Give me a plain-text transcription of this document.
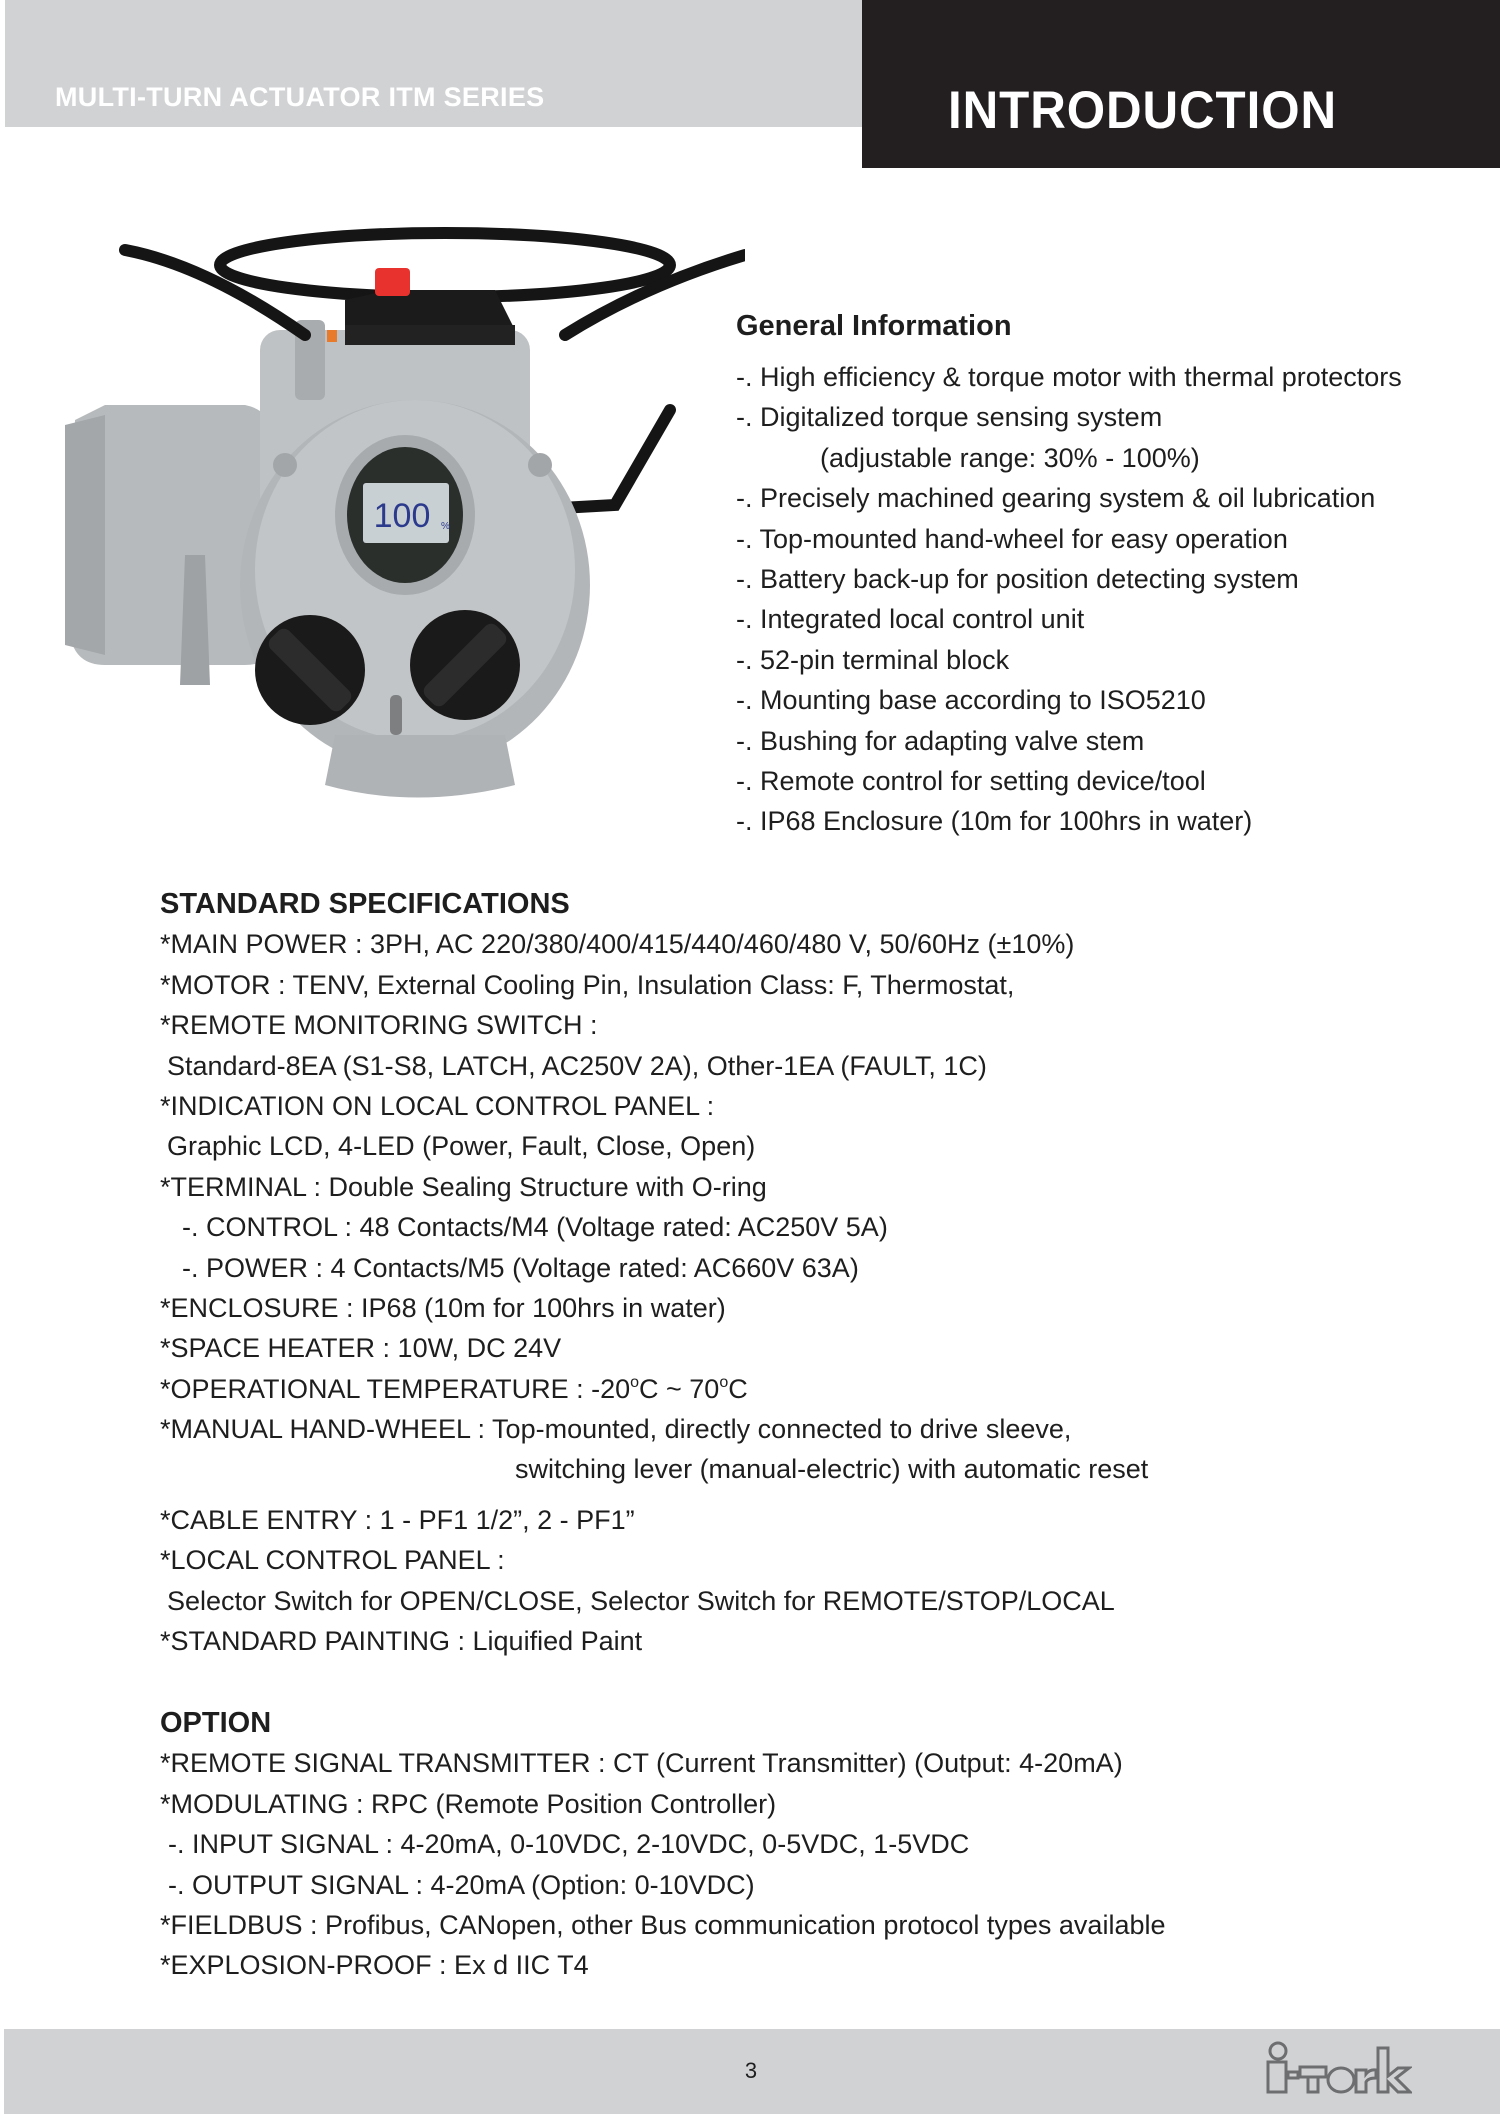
MULTI-TURN ACTUATOR ITM SERIES	INTRODUCTION
100 %
General Information
-. High efficiency & torque motor with thermal protectors
-. Digitalized torque sensing system
(adjustable range: 30% - 100%)
-. Precisely machined gearing system & oil lubrication
-. Top-mounted hand-wheel for easy operation
-. Battery back-up for position detecting system
-. Integrated local control unit
-. 52-pin terminal block
-. Mounting base according to ISO5210
-. Bushing for adapting valve stem
-. Remote control for setting device/tool
-. IP68 Enclosure (10m for 100hrs in water)
STANDARD SPECIFICATIONS
*MAIN POWER : 3PH, AC 220/380/400/415/440/460/480 V, 50/60Hz (±10%)
*MOTOR : TENV, External Cooling Pin, Insulation Class: F, Thermostat,
*REMOTE MONITORING SWITCH :
Standard-8EA (S1-S8, LATCH, AC250V 2A), Other-1EA (FAULT, 1C)
*INDICATION ON LOCAL CONTROL PANEL :
Graphic LCD, 4-LED (Power, Fault, Close, Open)
*TERMINAL : Double Sealing Structure with O-ring
-. CONTROL : 48 Contacts/M4 (Voltage rated: AC250V 5A)
-. POWER : 4 Contacts/M5 (Voltage rated: AC660V 63A)
*ENCLOSURE : IP68 (10m for 100hrs in water)
*SPACE HEATER : 10W, DC 24V
*OPERATIONAL TEMPERATURE : -20$^o$C ~ 70$^o$C
*MANUAL HAND-WHEEL : Top-mounted, directly connected to drive sleeve,
switching lever (manual-electric) with automatic reset
*CABLE ENTRY : 1 - PF1 1/2”, 2 - PF1”
*LOCAL CONTROL PANEL :
Selector Switch for OPEN/CLOSE, Selector Switch for REMOTE/STOP/LOCAL
*STANDARD PAINTING : Liquified Paint
OPTION
*REMOTE SIGNAL TRANSMITTER : CT (Current Transmitter) (Output: 4-20mA)
*MODULATING : RPC (Remote Position Controller)
-. INPUT SIGNAL : 4-20mA, 0-10VDC, 2-10VDC, 0-5VDC, 1-5VDC
-. OUTPUT SIGNAL : 4-20mA (Option: 0-10VDC)
*FIELDBUS : Profibus, CANopen, other Bus communication protocol types available
*EXPLOSION-PROOF : Ex d IIC T4
3
